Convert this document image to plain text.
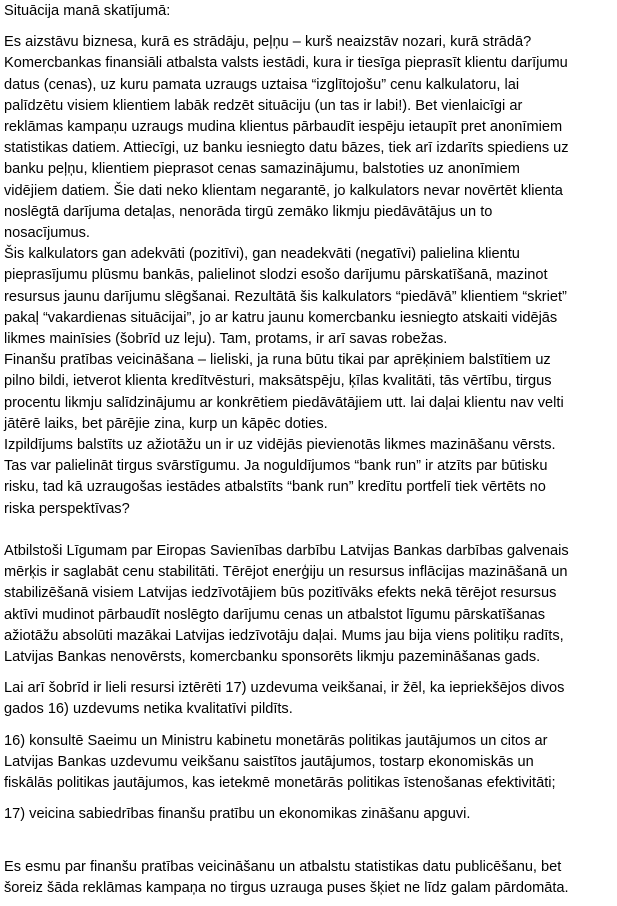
Situācija manā skatījumā:

Es aizstāvu biznesa, kurā es strādāju, peļņu – kurš neaizstāv nozari, kurā strādā?
Komercbankas finansiāli atbalsta valsts iestādi, kura ir tiesīga pieprasīt klientu darījumu
datus (cenas), uz kuru pamata uzraugs uztaisa “izglītojošu” cenu kalkulatoru, lai
palīdzētu visiem klientiem labāk redzēt situāciju (un tas ir labi!). Bet vienlaicīgi ar
reklāmas kampaņu uzraugs mudina klientus pārbaudīt iespēju ietaupīt pret anonīmiem
statistikas datiem. Attiecīgi, uz banku iesniegto datu bāzes, tiek arī izdarīts spiediens uz
banku peļņu, klientiem pieprasot cenas samazinājumu, balstoties uz anonīmiem
vidējiem datiem. Šie dati neko klientam negarantē, jo kalkulators nevar novērtēt klienta
noslēgtā darījuma detaļas, nenorāda tirgū zemāko likmju piedāvātājus un to
nosacījumus.

Šis kalkulators gan adekvāti (pozitīvi), gan neadekvāti (negatīvi) palielina klientu
pieprasījumu plūsmu bankās, palielinot slodzi esošo darījumu pārskatīšanā, mazinot
resursus jaunu darījumu slēgšanai. Rezultātā šis kalkulators “piedāvā” klientiem “skriet”
pakaļ “vakardienas situācijai”, jo ar katru jaunu komercbanku iesniegto atskaiti vidējās
likmes mainīsies (šobrīd uz leju). Tam, protams, ir arī savas robežas.

Finanšu pratības veicināšana – lieliski, ja runa būtu tikai par aprēķiniem balstītiem uz
pilno bildi, ietverot klienta kredītvēsturi, maksātspēju, ķīlas kvalitāti, tās vērtību, tirgus
procentu likmju salīdzinājumu ar konkrētiem piedāvātājiem utt. lai daļai klientu nav velti
jātērē laiks, bet pārējie zina, kurp un kāpēc doties.

Izpildījums balstīts uz ažiotāžu un ir uz vidējās pievienotās likmes mazināšanu vērsts.
Tas var palielināt tirgus svārstīgumu. Ja noguldījumos “bank run” ir atzīts par būtisku
risku, tad kā uzraugošas iestādes atbalstīts “bank run” kredītu portfelī tiek vērtēts no
riska perspektīvas?

Atbilstoši Līgumam par Eiropas Savienības darbību Latvijas Bankas darbības galvenais
mērķis ir saglabāt cenu stabilitāti. Tērējot enerģiju un resursus inflācijas mazināšanā un
stabilizēšanā visiem Latvijas iedzīvotājiem būs pozitīvāks efekts nekā tērējot resursus
aktīvi mudinot pārbaudīt noslēgto darījumu cenas un atbalstot līgumu pārskatīšanas
ažiotāžu absolūti mazākai Latvijas iedzīvotāju daļai. Mums jau bija viens politiķu radīts,
Latvijas Bankas nenovērsts, komercbanku sponsorēts likmju pazemināšanas gads.

Lai arī šobrīd ir lieli resursi iztērēti 17) uzdevuma veikšanai, ir žēl, ka iepriekšējos divos
gados 16) uzdevums netika kvalitatīvi pildīts.

16) konsultē Saeimu un Ministru kabinetu monetārās politikas jautājumos un citos ar
Latvijas Bankas uzdevumu veikšanu saistītos jautājumos, tostarp ekonomiskās un
fiskālās politikas jautājumos, kas ietekmē monetārās politikas īstenošanas efektivitāti;

17) veicina sabiedrības finanšu pratību un ekonomikas zināšanu apguvi.

Es esmu par finanšu pratības veicināšanu un atbalstu statistikas datu publicēšanu, bet
šoreiz šāda reklāmas kampaņa no tirgus uzrauga puses šķiet ne līdz galam pārdomāta.
